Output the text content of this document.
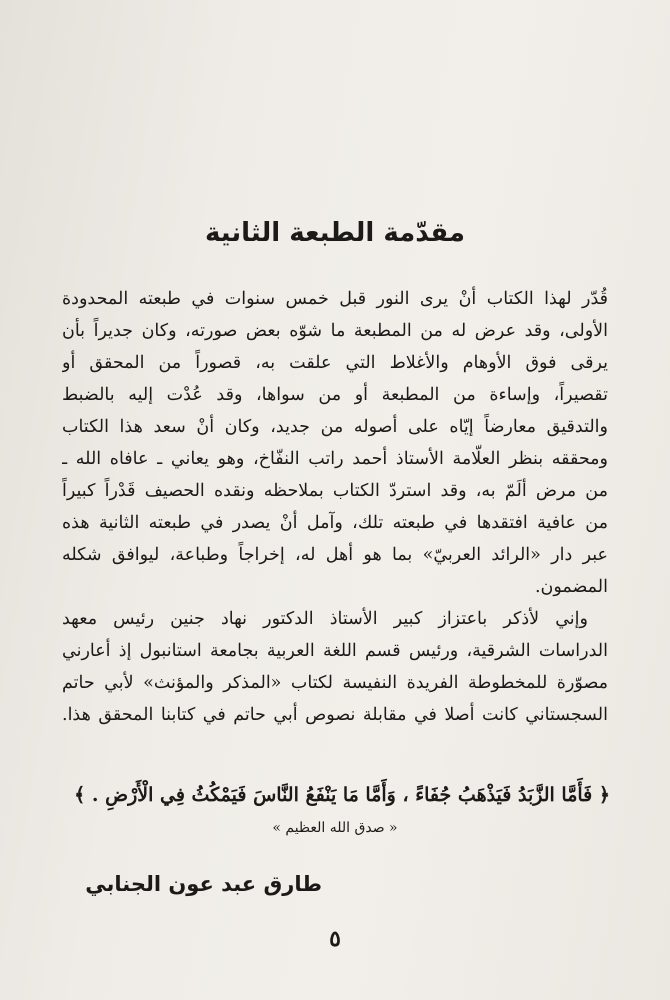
مقدّمة الطبعة الثانية
قُدّر لهذا الكتاب أنْ يرى النور قبل خمس سنوات في طبعته المحدودة
الأولى، وقد عرض له من المطبعة ما شوّه بعض صورته، وكان جديراً بأن
يرقى فوق الأوهام والأغلاط التي علقت به، قصوراً من المحقق أو
تقصيراً، وإساءة من المطبعة أو من سواها، وقد عُدْت إليه بالضبط
والتدقيق معارضاً إيّاه على أصوله من جديد، وكان أنْ سعد هذا الكتاب
ومحققه بنظر العلّامة الأستاذ أحمد راتب النفّاخ، وهو يعاني ـ عافاه الله ـ
من مرض ألَمّ به، وقد استردّ الكتاب بملاحظه ونقده الحصيف قَدْراً كبيراً
من عافية افتقدها في طبعته تلك، وآمل أنْ يصدر في طبعته الثانية هذه
عبر دار «الرائد العربيّ» بما هو أهل له، إخراجاً وطباعة، ليوافق شكله
المضمون.
وإني لأذكر باعتزاز كبير الأستاذ الدكتور نهاد جنين رئيس معهد
الدراسات الشرقية، ورئيس قسم اللغة العربية بجامعة استانبول إذ أعارني
مصوّرة للمخطوطة الفريدة النفيسة لكتاب «المذكر والمؤنث» لأبي حاتم
السجستاني كانت أصلا في مقابلة نصوص أبي حاتم في كتابنا المحقق هذا.
﴿ فَأَمَّا الزَّبَدُ فَيَذْهَبُ جُفَاءً ، وَأَمَّا مَا يَنْفَعُ النَّاسَ فَيَمْكُثُ فِي الْأَرْضِ . ﴾
« صدق الله العظيم »
طارق عبد عون الجنابي
٥
